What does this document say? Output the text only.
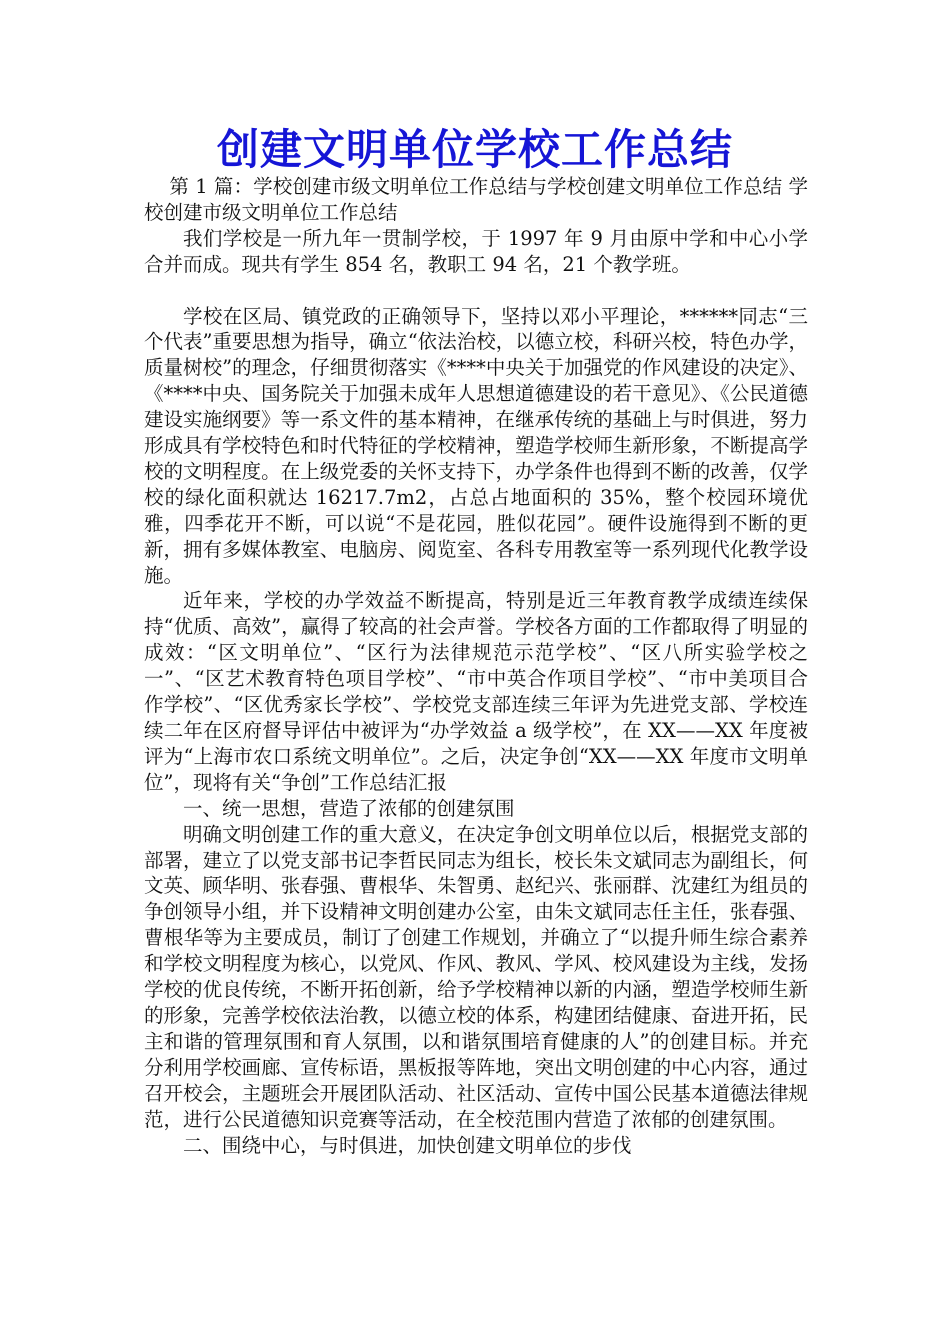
创建文明单位学校工作总结

第 1 篇：学校创建市级文明单位工作总结与学校创建文明单位工作总结 学校创建市级文明单位工作总结

我们学校是一所九年一贯制学校，于 1997 年 9 月由原中学和中心小学合并而成。现共有学生 854 名，教职工 94 名，21 个教学班。

学校在区局、镇党政的正确领导下，坚持以邓小平理论，******同志“三个代表”重要思想为指导，确立“依法治校，以德立校，科研兴校，特色办学，质量树校”的理念，仔细贯彻落实《****中央关于加强党的作风建设的决定》、《****中央、国务院关于加强未成年人思想道德建设的若干意见》、《公民道德建设实施纲要》等一系文件的基本精神，在继承传统的基础上与时俱进，努力形成具有学校特色和时代特征的学校精神，塑造学校师生新形象，不断提高学校的文明程度。在上级党委的关怀支持下，办学条件也得到不断的改善，仅学校的绿化面积就达 16217.7m2，占总占地面积的 35%，整个校园环境优雅，四季花开不断，可以说“不是花园，胜似花园”。硬件设施得到不断的更新，拥有多媒体教室、电脑房、阅览室、各科专用教室等一系列现代化教学设施。

近年来，学校的办学效益不断提高，特别是近三年教育教学成绩连续保持“优质、高效”，赢得了较高的社会声誉。学校各方面的工作都取得了明显的成效：“区文明单位”、“区行为法律规范示范学校”、“区八所实验学校之一”、“区艺术教育特色项目学校”、“市中英合作项目学校”、“市中美项目合作学校”、“区优秀家长学校”、学校党支部连续三年评为先进党支部、学校连续二年在区府督导评估中被评为“办学效益 a 级学校”，在 XX——XX 年度被评为“上海市农口系统文明单位”。之后，决定争创“XX——XX 年度市文明单位”，现将有关“争创”工作总结汇报

一、统一思想，营造了浓郁的创建氛围

明确文明创建工作的重大意义，在决定争创文明单位以后，根据党支部的部署，建立了以党支部书记李哲民同志为组长，校长朱文斌同志为副组长，何文英、顾华明、张春强、曹根华、朱智勇、赵纪兴、张丽群、沈建红为组员的争创领导小组，并下设精神文明创建办公室，由朱文斌同志任主任，张春强、曹根华等为主要成员，制订了创建工作规划，并确立了“以提升师生综合素养和学校文明程度为核心，以党风、作风、教风、学风、校风建设为主线，发扬学校的优良传统，不断开拓创新，给予学校精神以新的内涵，塑造学校师生新的形象，完善学校依法治教，以德立校的体系，构建团结健康、奋进开拓，民主和谐的管理氛围和育人氛围，以和谐氛围培育健康的人”的创建目标。并充分利用学校画廊、宣传标语，黑板报等阵地，突出文明创建的中心内容，通过召开校会，主题班会开展团队活动、社区活动、宣传中国公民基本道德法律规范，进行公民道德知识竞赛等活动，在全校范围内营造了浓郁的创建氛围。

二、围绕中心，与时俱进，加快创建文明单位的步伐
